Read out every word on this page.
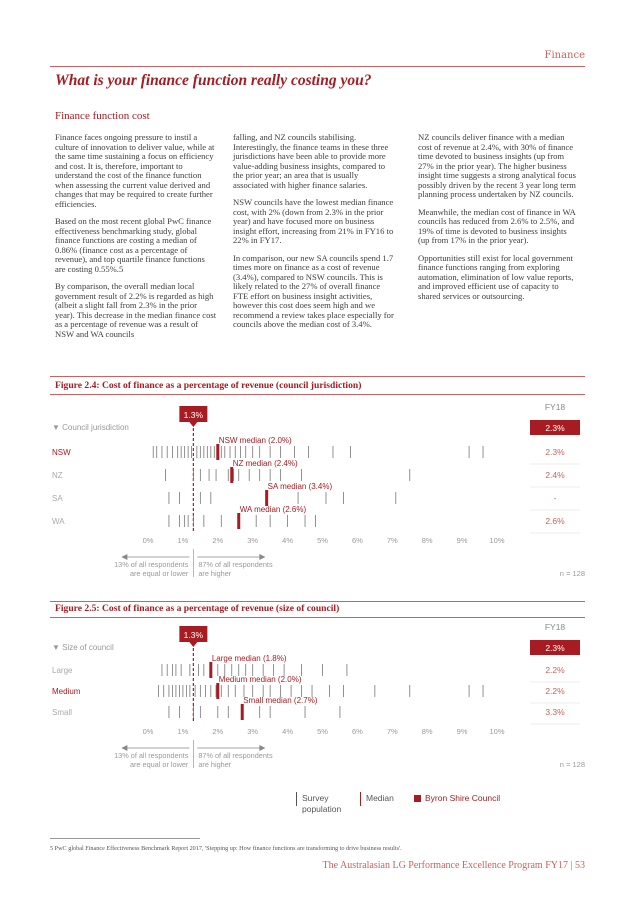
Finance
What is your finance function really costing you?
Finance function cost

Finance faces ongoing pressure to instil a culture of innovation to deliver value, while at the same time sustaining a focus on efficiency and cost. It is, therefore, important to understand the cost of the finance function when assessing the current value derived and changes that may be required to create further efficiencies.

Based on the most recent global PwC finance effectiveness benchmarking study, global finance functions are costing a median of 0.86% (finance cost as a percentage of revenue), and top quartile finance functions are costing 0.55%.5

By comparison, the overall median local government result of 2.2% is regarded as high (albeit a slight fall from 2.3% in the prior year). This decrease in the median finance cost as a percentage of revenue was a result of NSW and WA councils

falling, and NZ councils stabilising. Interestingly, the finance teams in these three jurisdictions have been able to provide more value-adding business insights, compared to the prior year; an area that is usually associated with higher finance salaries.

NSW councils have the lowest median finance cost, with 2% (down from 2.3% in the prior year) and have focused more on business insight effort, increasing from 21% in FY16 to 22% in FY17.

In comparison, our new SA councils spend 1.7 times more on finance as a cost of revenue (3.4%), compared to NSW councils. This is likely related to the 27% of overall finance FTE effort on business insight activities, however this cost does seem high and we recommend a review takes place especially for councils above the median cost of 3.4%.

NZ councils deliver finance with a median cost of revenue at 2.4%, with 30% of finance time devoted to business insights (up from 27% in the prior year). The higher business insight time suggests a strong analytical focus possibly driven by the recent 3 year long term planning process undertaken by NZ councils.

Meanwhile, the median cost of finance in WA councils has reduced from 2.6% to 2.5%, and 19% of time is devoted to business insights (up from 17% in the prior year).

Opportunities still exist for local government finance functions ranging from exploring automation, elimination of low value reports, and improved efficient use of capacity to shared services or outsourcing.

Figure 2.4: Cost of finance as a percentage of revenue (council jurisdiction)
FY18
2.3%
▼ Council jurisdiction
1.3%
NSW
NSW median (2.0%)
2.3%
NZ
NZ median (2.4%)
2.4%
SA
SA median (3.4%)
-
WA
WA median (2.6%)
2.6%
0%	1%	2%	3%	4%	5%	6%	7%	8%	9%	10%
13% of all respondents
are equal or lower
87% of all respondents
are higher	n = 128
Figure 2.5: Cost of finance as a percentage of revenue (size of council)
FY18
2.3%
▼ Size of council
1.3%
Large
Large median (1.8%)
2.2%
Medium
Medium median (2.0%)
2.2%
Small
Small median (2.7%)
3.3%
0%	1%	2%	3%	4%	5%	6%	7%	8%	9%	10%
13% of all respondents
are equal or lower
87% of all respondents
are higher	n = 128
Survey population
Median	Byron Shire Council
5 PwC global Finance Effectiveness Benchmark Report 2017, 'Stepping up: How finance functions are transforming to drive business results'.
The Australasian LG Performance Excellence Program FY17 | 53
